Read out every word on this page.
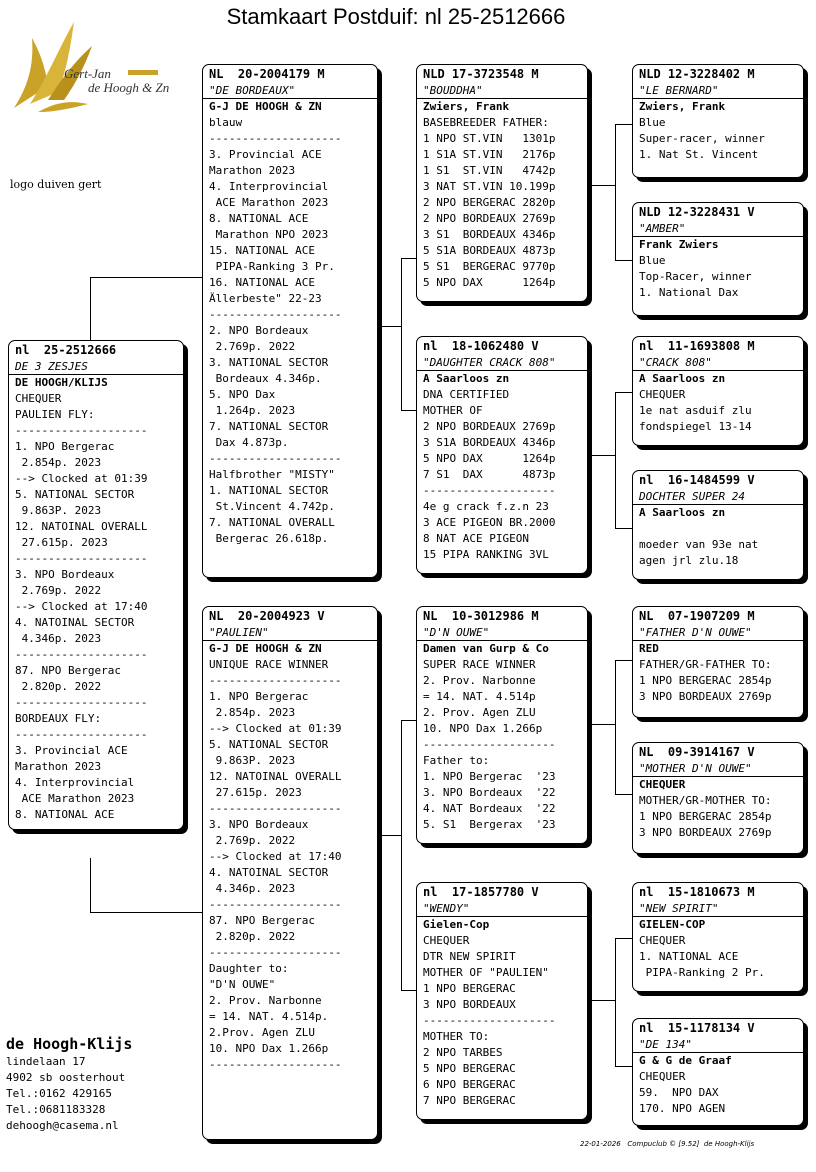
Stamkaart Postduif: nl 25-2512666
Gert-Jan
de Hoogh & Zn
logo duiven gert
nl  25-2512666
DE 3 ZESJES
DE HOOGH/KLIJS
CHEQUER
PAULIEN FLY:
--------------------
1. NPO Bergerac
2.854p. 2023
--> Clocked at 01:39
5. NATIONAL SECTOR
9.863P. 2023
12. NATOINAL OVERALL
27.615p. 2023
--------------------
3. NPO Bordeaux
2.769p. 2022
--> Clocked at 17:40
4. NATOINAL SECTOR
4.346p. 2023
--------------------
87. NPO Bergerac
2.820p. 2022
--------------------
BORDEAUX FLY:
--------------------
3. Provincial ACE
Marathon 2023
4. Interprovincial
ACE Marathon 2023
8. NATIONAL ACE
NL  20-2004179 M
"DE BORDEAUX"
G-J DE HOOGH & ZN
blauw
--------------------
3. Provincial ACE
Marathon 2023
4. Interprovincial
ACE Marathon 2023
8. NATIONAL ACE
Marathon NPO 2023
15. NATIONAL ACE
PIPA-Ranking 3 Pr.
16. NATIONAL ACE
Ällerbeste" 22-23
--------------------
2. NPO Bordeaux
2.769p. 2022
3. NATIONAL SECTOR
Bordeaux 4.346p.
5. NPO Dax
1.264p. 2023
7. NATIONAL SECTOR
Dax 4.873p.
--------------------
Halfbrother "MISTY"
1. NATIONAL SECTOR
St.Vincent 4.742p.
7. NATIONAL OVERALL
Bergerac 26.618p.
NL  20-2004923 V
"PAULIEN"
G-J DE HOOGH & ZN
UNIQUE RACE WINNER
--------------------
1. NPO Bergerac
2.854p. 2023
--> Clocked at 01:39
5. NATIONAL SECTOR
9.863P. 2023
12. NATOINAL OVERALL
27.615p. 2023
--------------------
3. NPO Bordeaux
2.769p. 2022
--> Clocked at 17:40
4. NATOINAL SECTOR
4.346p. 2023
--------------------
87. NPO Bergerac
2.820p. 2022
--------------------
Daughter to:
"D'N OUWE"
2. Prov. Narbonne
= 14. NAT. 4.514p.
2.Prov. Agen ZLU
10. NPO Dax 1.266p
--------------------
NLD 17-3723548 M
"BOUDDHA"
Zwiers, Frank
BASEBREEDER FATHER:
1 NPO ST.VIN   1301p
1 S1A ST.VIN   2176p
1 S1  ST.VIN   4742p
3 NAT ST.VIN 10.199p
2 NPO BERGERAC 2820p
2 NPO BORDEAUX 2769p
3 S1  BORDEAUX 4346p
5 S1A BORDEAUX 4873p
5 S1  BERGERAC 9770p
5 NPO DAX      1264p
nl  18-1062480 V
"DAUGHTER CRACK 808"
A Saarloos zn
DNA CERTIFIED
MOTHER OF
2 NPO BORDEAUX 2769p
3 S1A BORDEAUX 4346p
5 NPO DAX      1264p
7 S1  DAX      4873p
--------------------
4e g crack f.z.n 23
3 ACE PIGEON BR.2000
8 NAT ACE PIGEON
15 PIPA RANKING 3VL
NL  10-3012986 M
"D'N OUWE"
Damen van Gurp & Co
SUPER RACE WINNER
2. Prov. Narbonne
= 14. NAT. 4.514p
2. Prov. Agen ZLU
10. NPO Dax 1.266p
--------------------
Father to:
1. NPO Bergerac  '23
3. NPO Bordeaux  '22
4. NAT Bordeaux  '22
5. S1  Bergerax  '23
nl  17-1857780 V
"WENDY"
Gielen-Cop
CHEQUER
DTR NEW SPIRIT
MOTHER OF "PAULIEN"
1 NPO BERGERAC
3 NPO BORDEAUX
--------------------
MOTHER TO:
2 NPO TARBES
5 NPO BERGERAC
6 NPO BERGERAC
7 NPO BERGERAC
NLD 12-3228402 M
"LE BERNARD"
Zwiers, Frank
Blue
Super-racer, winner
1. Nat St. Vincent
NLD 12-3228431 V
"AMBER"
Frank Zwiers
Blue
Top-Racer, winner
1. National Dax
nl  11-1693808 M
"CRACK 808"
A Saarloos zn
CHEQUER
1e nat asduif zlu
fondspiegel 13-14
nl  16-1484599 V
DOCHTER SUPER 24
A Saarloos zn
moeder van 93e nat
agen jrl zlu.18
NL  07-1907209 M
"FATHER D'N OUWE"
RED
FATHER/GR-FATHER TO:
1 NPO BERGERAC 2854p
3 NPO BORDEAUX 2769p
NL  09-3914167 V
"MOTHER D'N OUWE"
CHEQUER
MOTHER/GR-MOTHER TO:
1 NPO BERGERAC 2854p
3 NPO BORDEAUX 2769p
nl  15-1810673 M
"NEW SPIRIT"
GIELEN-COP
CHEQUER
1. NATIONAL ACE
PIPA-Ranking 2 Pr.
nl  15-1178134 V
"DE 134"
G & G de Graaf
CHEQUER
59.  NPO DAX
170. NPO AGEN
de Hoogh-Klijs
lindelaan 17
4902 sb oosterhout
Tel.:0162 429165
Tel.:0681183328
dehoogh@casema.nl
22-01-2026   Compuclub © [9.52]  de Hoogh-Klijs
